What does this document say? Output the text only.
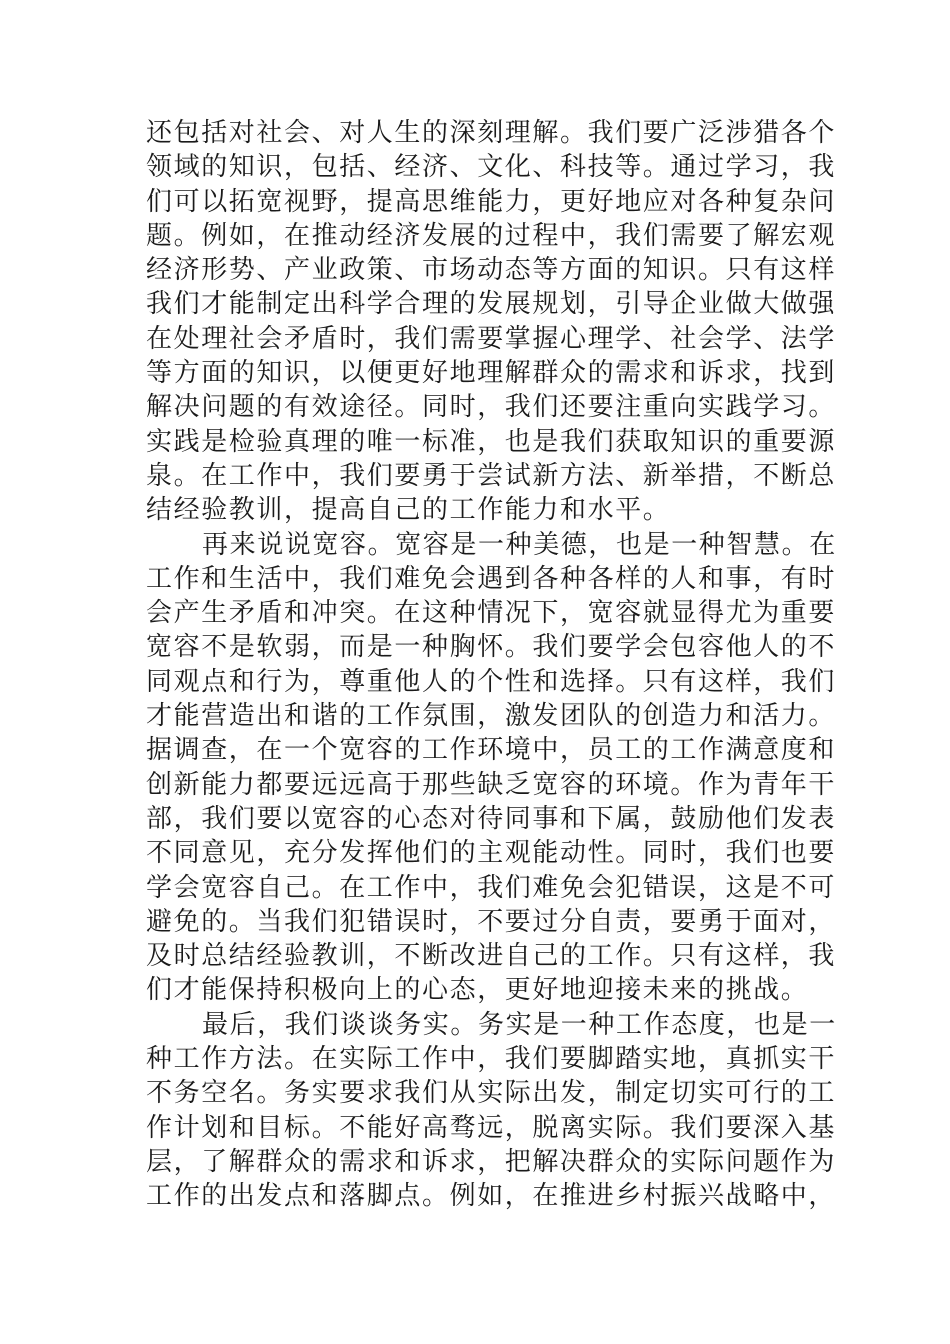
还包括对社会、对人生的深刻理解。我们要广泛涉猎各个
领域的知识，包括、经济、文化、科技等。通过学习，我
们可以拓宽视野，提高思维能力，更好地应对各种复杂问
题。例如，在推动经济发展的过程中，我们需要了解宏观
经济形势、产业政策、市场动态等方面的知识。只有这样
我们才能制定出科学合理的发展规划，引导企业做大做强
在处理社会矛盾时，我们需要掌握心理学、社会学、法学
等方面的知识，以便更好地理解群众的需求和诉求，找到
解决问题的有效途径。同时，我们还要注重向实践学习。
实践是检验真理的唯一标准，也是我们获取知识的重要源
泉。在工作中，我们要勇于尝试新方法、新举措，不断总
结经验教训，提高自己的工作能力和水平。
再来说说宽容。宽容是一种美德，也是一种智慧。在
工作和生活中，我们难免会遇到各种各样的人和事，有时
会产生矛盾和冲突。在这种情况下，宽容就显得尤为重要
宽容不是软弱，而是一种胸怀。我们要学会包容他人的不
同观点和行为，尊重他人的个性和选择。只有这样，我们
才能营造出和谐的工作氛围，激发团队的创造力和活力。
据调查，在一个宽容的工作环境中，员工的工作满意度和
创新能力都要远远高于那些缺乏宽容的环境。作为青年干
部，我们要以宽容的心态对待同事和下属，鼓励他们发表
不同意见，充分发挥他们的主观能动性。同时，我们也要
学会宽容自己。在工作中，我们难免会犯错误，这是不可
避免的。当我们犯错误时，不要过分自责，要勇于面对，
及时总结经验教训，不断改进自己的工作。只有这样，我
们才能保持积极向上的心态，更好地迎接未来的挑战。
最后，我们谈谈务实。务实是一种工作态度，也是一
种工作方法。在实际工作中，我们要脚踏实地，真抓实干
不务空名。务实要求我们从实际出发，制定切实可行的工
作计划和目标。不能好高骛远，脱离实际。我们要深入基
层，了解群众的需求和诉求，把解决群众的实际问题作为
工作的出发点和落脚点。例如，在推进乡村振兴战略中，
